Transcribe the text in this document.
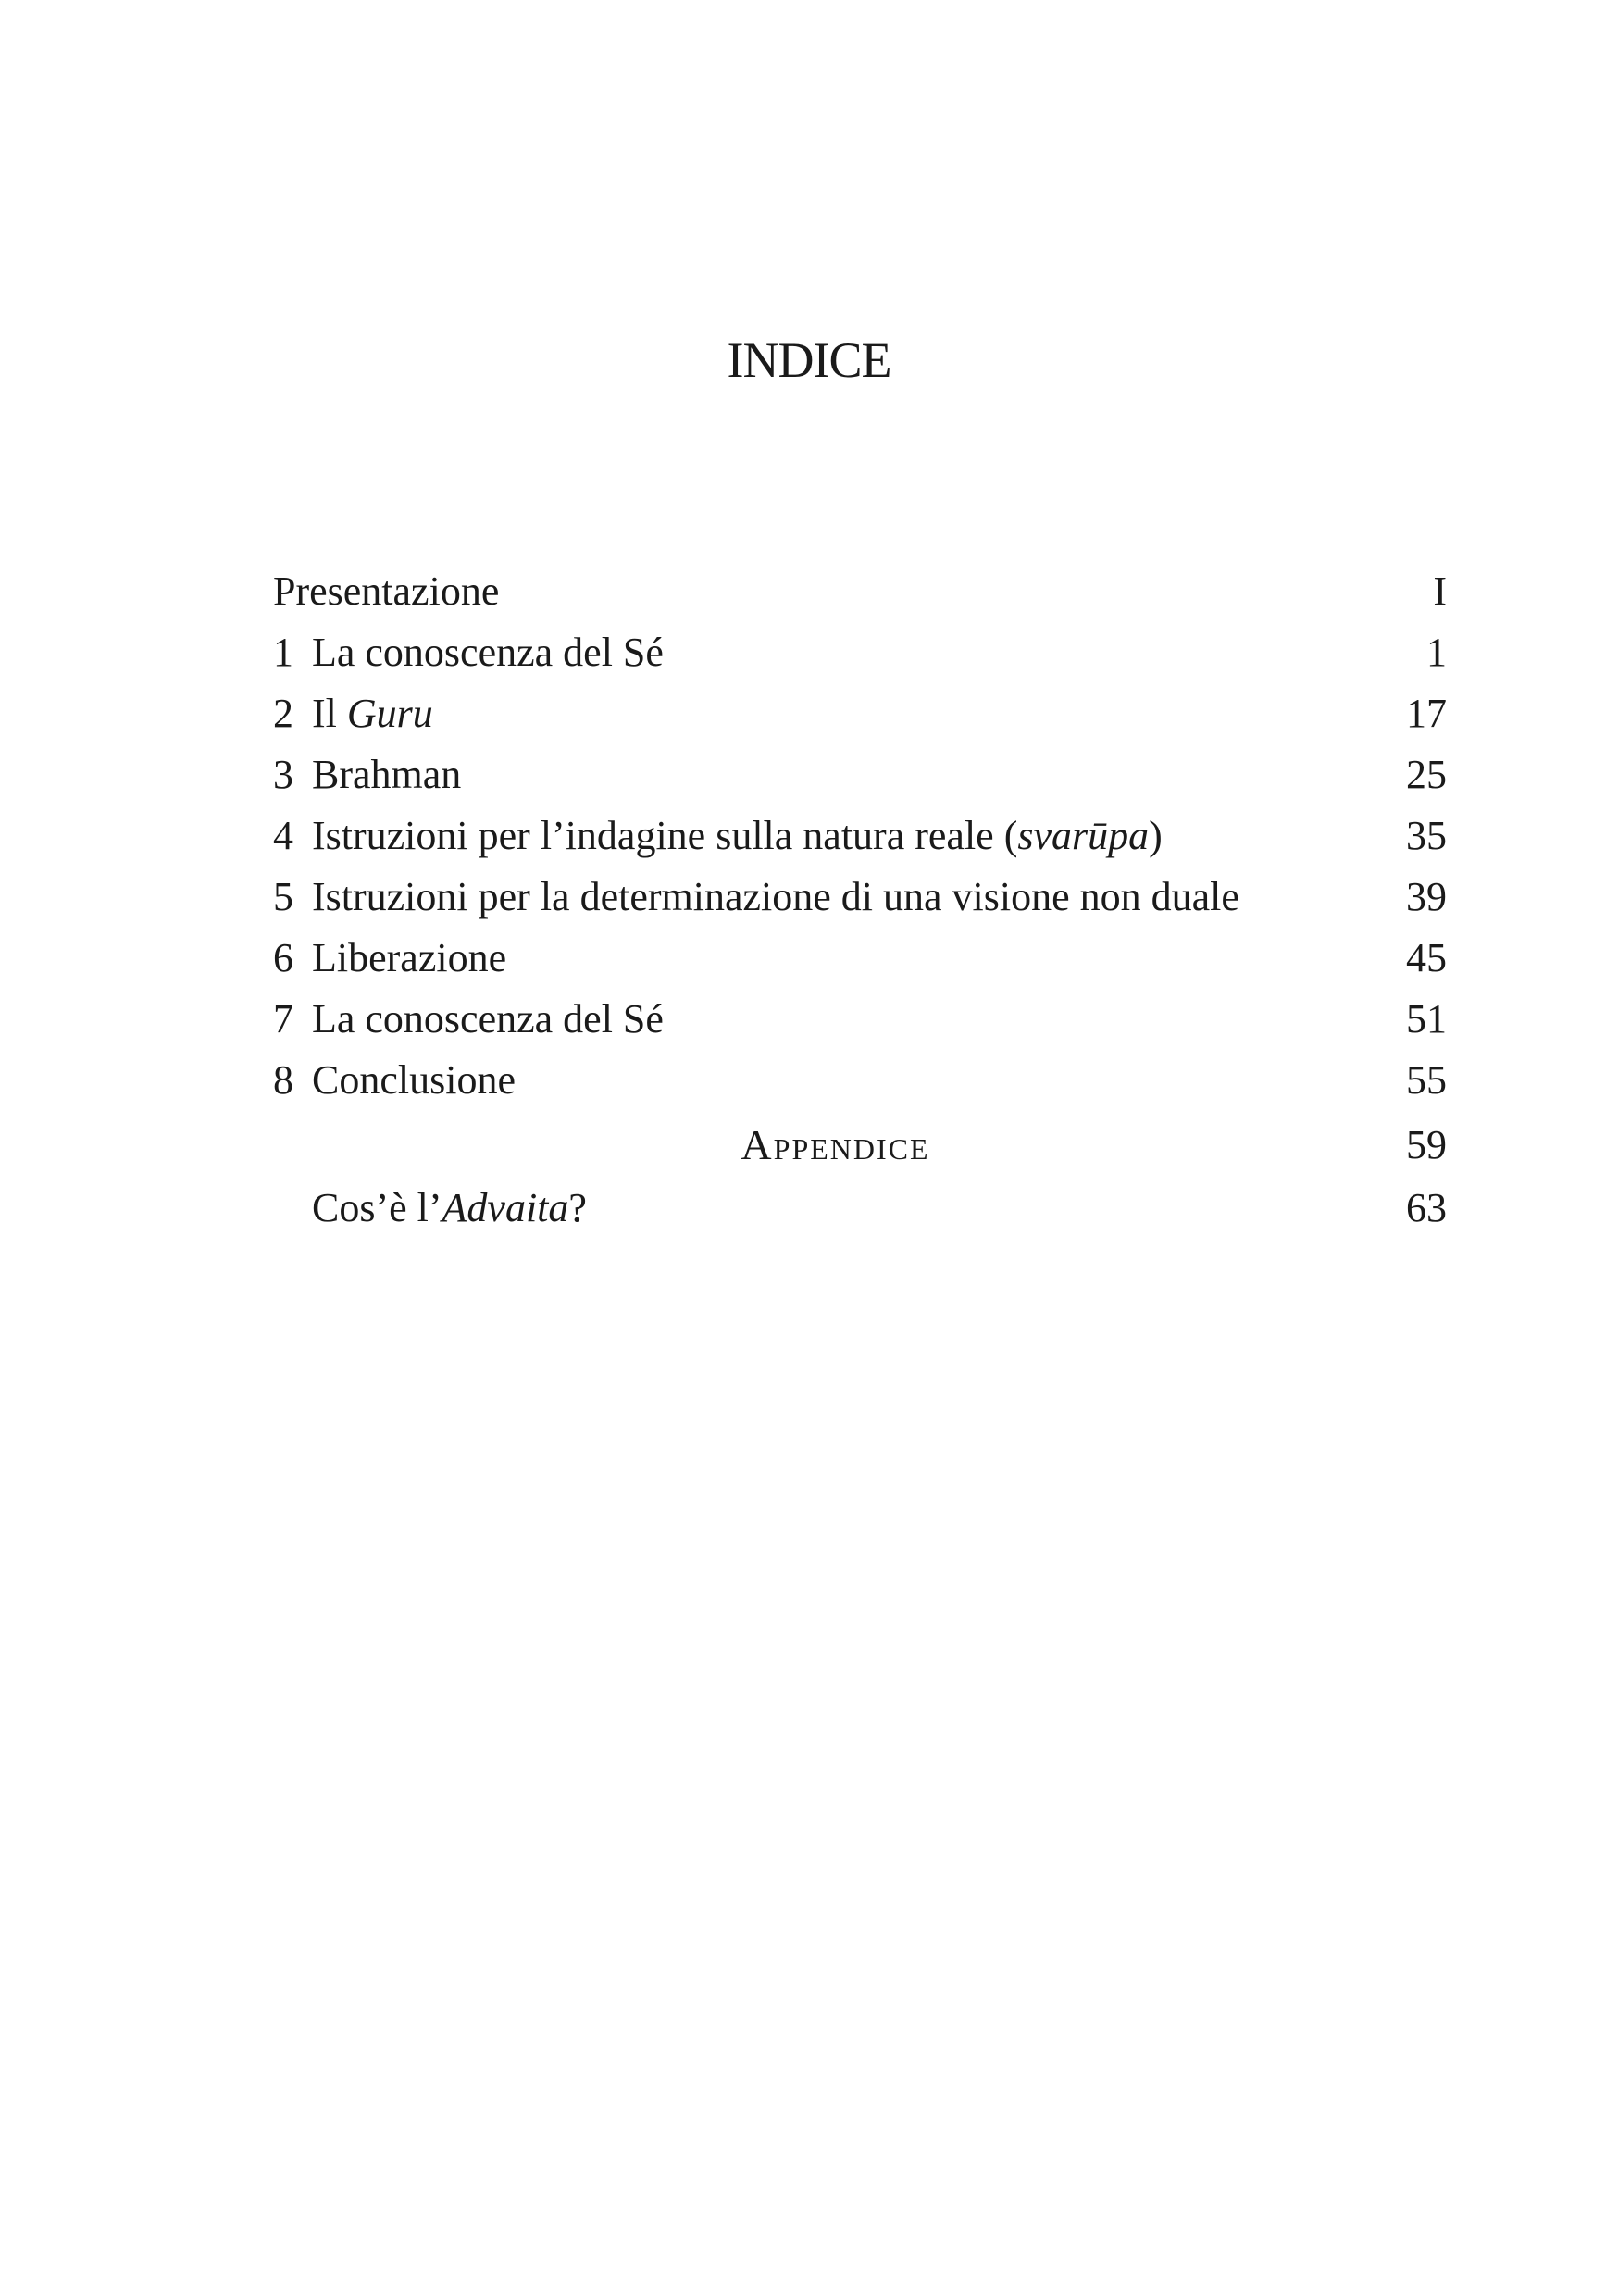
INDICE
Presentazione	I
1 La conoscenza del Sé	1
2 Il Guru	17
3 Brahman	25
4 Istruzioni per l’indagine sulla natura reale (svarūpa)	35
5 Istruzioni per la determinazione di una visione non duale	39
6 Liberazione	45
7 La conoscenza del Sé	51
8 Conclusione	55
Appendice	59
Cos’è l’Advaita?	63
